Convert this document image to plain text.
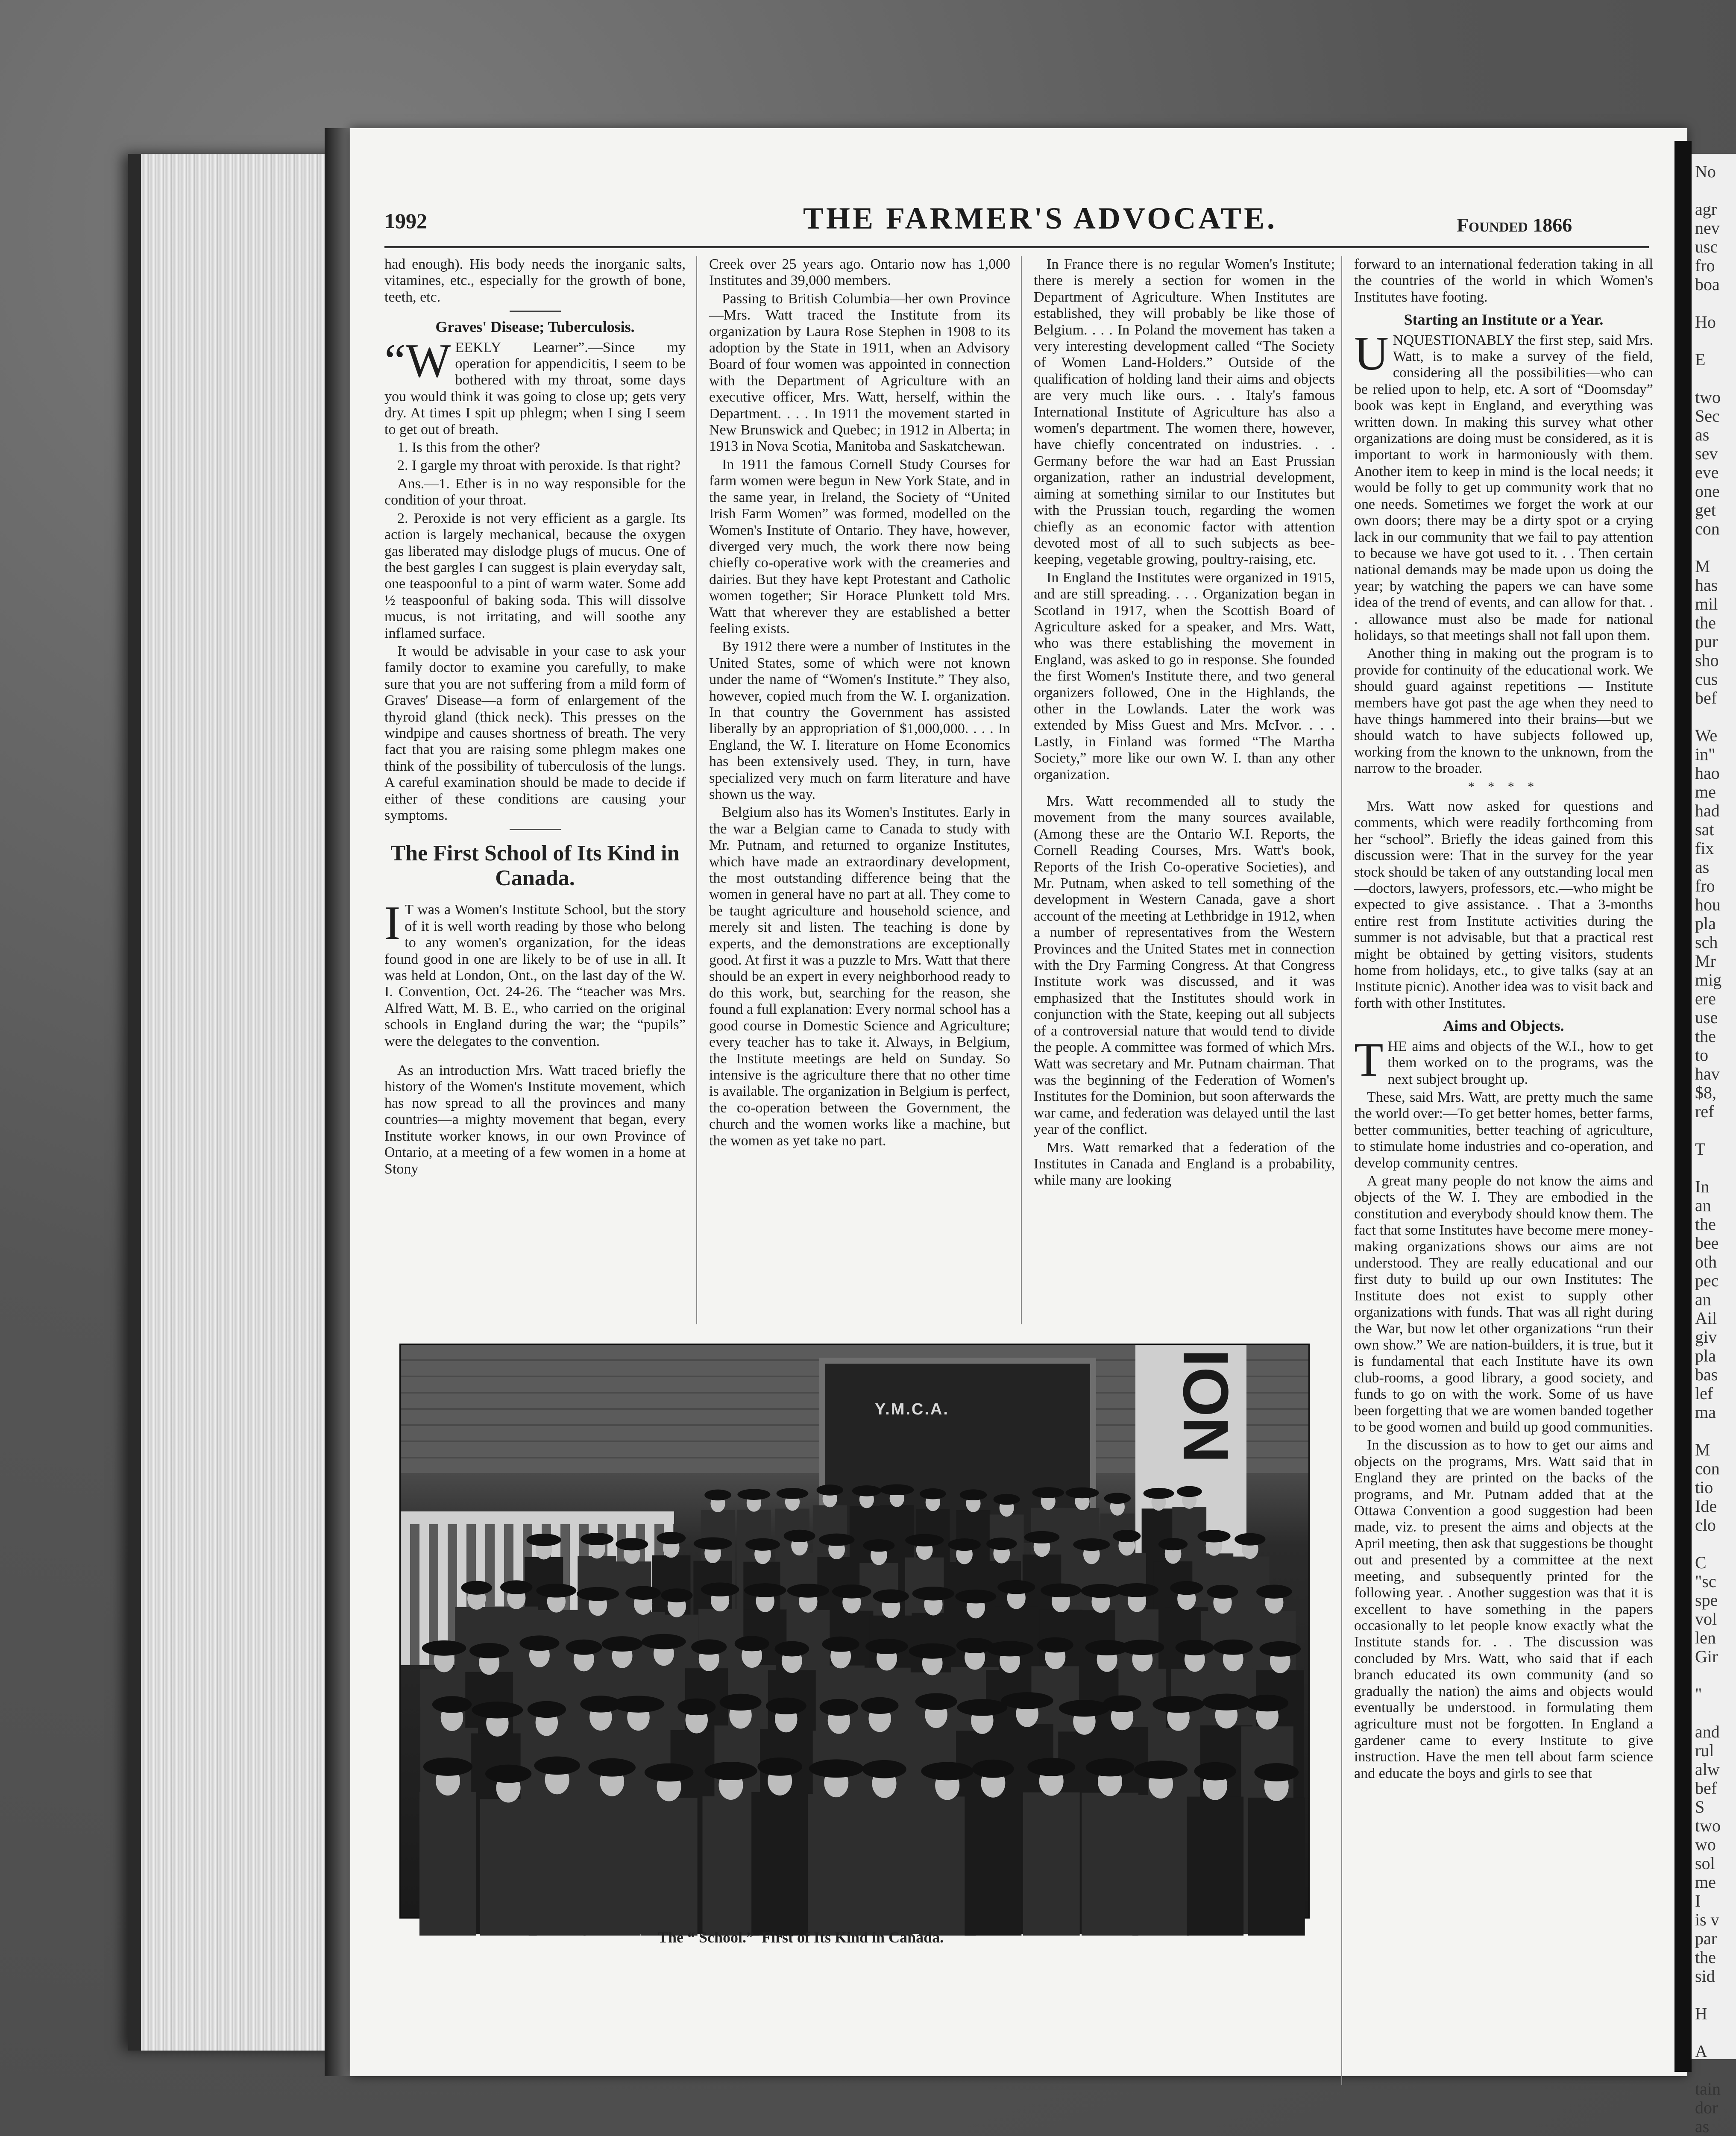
1992	THE FARMER'S ADVOCATE.	Founded 1866

had enough). His body needs the inorganic salts, vitamines, etc., especially for the growth of bone, teeth, etc.

Graves' Disease; Tuberculosis.

“WEEKLY Learner”.—Since my operation for appendicitis, I seem to be bothered with my throat, some days you would think it was going to close up; gets very dry. At times I spit up phlegm; when I sing I seem to get out of breath.

1. Is this from the other?

2. I gargle my throat with peroxide. Is that right?

Ans.—1. Ether is in no way responsible for the condition of your throat.

2. Peroxide is not very efficient as a gargle. Its action is largely mechanical, because the oxygen gas liberated may dislodge plugs of mucus. One of the best gargles I can suggest is plain everyday salt, one teaspoonful to a pint of warm water. Some add ½ teaspoonful of baking soda. This will dissolve mucus, is not irritating, and will soothe any inflamed surface.

It would be advisable in your case to ask your family doctor to examine you carefully, to make sure that you are not suffering from a mild form of Graves' Disease—a form of enlargement of the thyroid gland (thick neck). This presses on the windpipe and causes shortness of breath. The very fact that you are raising some phlegm makes one think of the possibility of tuberculosis of the lungs. A careful examination should be made to decide if either of these conditions are causing your symptoms.

The First School of Its Kind in Canada.

I T was a Women's Institute School, but the story of it is well worth reading by those who belong to any women's organization, for the ideas found good in one are likely to be of use in all. It was held at London, Ont., on the last day of the W. I. Convention, Oct. 24-26. The “teacher was Mrs. Alfred Watt, M. B. E., who carried on the original schools in England during the war; the “pupils” were the delegates to the convention.

As an introduction Mrs. Watt traced briefly the history of the Women's Institute movement, which has now spread to all the provinces and many countries—a mighty movement that began, every Institute worker knows, in our own Province of Ontario, at a meeting of a few women in a home at Stony

Creek over 25 years ago. Ontario now has 1,000 Institutes and 39,000 members.

Passing to British Columbia—her own Province—Mrs. Watt traced the Institute from its organization by Laura Rose Stephen in 1908 to its adoption by the State in 1911, when an Advisory Board of four women was appointed in connection with the Department of Agriculture with an executive officer, Mrs. Watt, herself, within the Department. . . . In 1911 the movement started in New Brunswick and Quebec; in 1912 in Alberta; in 1913 in Nova Scotia, Manitoba and Saskatchewan.

In 1911 the famous Cornell Study Courses for farm women were begun in New York State, and in the same year, in Ireland, the Society of “United Irish Farm Women” was formed, modelled on the Women's Institute of Ontario. They have, however, diverged very much, the work there now being chiefly co-operative work with the creameries and dairies. But they have kept Protestant and Catholic women together; Sir Horace Plunkett told Mrs. Watt that wherever they are established a better feeling exists.

By 1912 there were a number of Institutes in the United States, some of which were not known under the name of “Women's Institute.” They also, however, copied much from the W. I. organization. In that country the Government has assisted liberally by an appropriation of $1,000,000. . . . In England, the W. I. literature on Home Economics has been extensively used. They, in turn, have specialized very much on farm literature and have shown us the way.

Belgium also has its Women's Institutes. Early in the war a Belgian came to Canada to study with Mr. Putnam, and returned to organize Institutes, which have made an extraordinary development, the most outstanding difference being that the women in general have no part at all. They come to be taught agriculture and household science, and merely sit and listen. The teaching is done by experts, and the demonstrations are exceptionally good. At first it was a puzzle to Mrs. Watt that there should be an expert in every neighborhood ready to do this work, but, searching for the reason, she found a full explanation: Every normal school has a good course in Domestic Science and Agriculture; every teacher has to take it. Always, in Belgium, the Institute meetings are held on Sunday. So intensive is the agriculture there that no other time is available. The organization in Belgium is perfect, the co-operation between the Government, the church and the women works like a machine, but the women as yet take no part.

In France there is no regular Women's Institute; there is merely a section for women in the Department of Agriculture. When Institutes are established, they will probably be like those of Belgium. . . . In Poland the movement has taken a very interesting development called “The Society of Women Land-Holders.” Outside of the qualification of holding land their aims and objects are very much like ours. . . Italy's famous International Institute of Agriculture has also a women's department. The women there, however, have chiefly concentrated on industries. . . Germany before the war had an East Prussian organization, rather an industrial development, aiming at something similar to our Institutes but with the Prussian touch, regarding the women chiefly as an economic factor with attention devoted most of all to such subjects as bee-keeping, vegetable growing, poultry-raising, etc.

In England the Institutes were organized in 1915, and are still spreading. . . . Organization began in Scotland in 1917, when the Scottish Board of Agriculture asked for a speaker, and Mrs. Watt, who was there establishing the movement in England, was asked to go in response. She founded the first Women's Institute there, and two general organizers followed, One in the Highlands, the other in the Lowlands. Later the work was extended by Miss Guest and Mrs. McIvor. . . . Lastly, in Finland was formed “The Martha Society,” more like our own W. I. than any other organization.

Mrs. Watt recommended all to study the movement from the many sources available, (Among these are the Ontario W.I. Reports, the Cornell Reading Courses, Mrs. Watt's book, Reports of the Irish Co-operative Societies), and Mr. Putnam, when asked to tell something of the development in Western Canada, gave a short account of the meeting at Lethbridge in 1912, when a number of representatives from the Western Provinces and the United States met in connection with the Dry Farming Congress. At that Congress Institute work was discussed, and it was emphasized that the Institutes should work in conjunction with the State, keeping out all subjects of a controversial nature that would tend to divide the people. A committee was formed of which Mrs. Watt was secretary and Mr. Putnam chairman. That was the beginning of the Federation of Women's Institutes for the Dominion, but soon afterwards the war came, and federation was delayed until the last year of the conflict.

Mrs. Watt remarked that a federation of the Institutes in Canada and England is a probability, while many are looking

forward to an international federation taking in all the countries of the world in which Women's Institutes have footing.

Starting an Institute or a Year.

UNQUESTIONABLY the first step, said Mrs. Watt, is to make a survey of the field, considering all the possibilities—who can be relied upon to help, etc. A sort of “Doomsday” book was kept in England, and everything was written down. In making this survey what other organizations are doing must be considered, as it is important to work in harmoniously with them. Another item to keep in mind is the local needs; it would be folly to get up community work that no one needs. Sometimes we forget the work at our own doors; there may be a dirty spot or a crying lack in our community that we fail to pay attention to because we have got used to it. . . Then certain national demands may be made upon us doing the year; by watching the papers we can have some idea of the trend of events, and can allow for that. . . allowance must also be made for national holidays, so that meetings shall not fall upon them.

Another thing in making out the program is to provide for continuity of the educational work. We should guard against repetitions — Institute members have got past the age when they need to have things hammered into their brains—but we should watch to have subjects followed up, working from the known to the unknown, from the narrow to the broader.

* * * *

Mrs. Watt now asked for questions and comments, which were readily forthcoming from her “school”. Briefly the ideas gained from this discussion were: That in the survey for the year stock should be taken of any outstanding local men—doctors, lawyers, professors, etc.—who might be expected to give assistance. . That a 3-months entire rest from Institute activities during the summer is not advisable, but that a practical rest might be obtained by getting visitors, students home from holidays, etc., to give talks (say at an Institute picnic). Another idea was to visit back and forth with other Institutes.

Aims and Objects.

THE aims and objects of the W.I., how to get them worked on to the programs, was the next subject brought up.

These, said Mrs. Watt, are pretty much the same the world over:—To get better homes, better farms, better communities, better teaching of agriculture, to stimulate home industries and co-operation, and develop community centres.

A great many people do not know the aims and objects of the W. I. They are embodied in the constitution and everybody should know them. The fact that some Institutes have become mere money-making organizations shows our aims are not understood. They are really educational and our first duty to build up our own Institutes: The Institute does not exist to supply other organizations with funds. That was all right during the War, but now let other organizations “run their own show.” We are nation-builders, it is true, but it is fundamental that each Institute have its own club-rooms, a good library, a good society, and funds to go on with the work. Some of us have been forgetting that we are women banded together to be good women and build up good communities.

In the discussion as to how to get our aims and objects on the programs, Mrs. Watt said that in England they are printed on the backs of the programs, and Mr. Putnam added that at the Ottawa Convention a good suggestion had been made, viz. to present the aims and objects at the April meeting, then ask that suggestions be thought out and presented by a committee at the next meeting, and subsequently printed for the following year. . Another suggestion was that it is excellent to have something in the papers occasionally to let people know exactly what the Institute stands for. . . The discussion was concluded by Mrs. Watt, who said that if each branch educated its own community (and so gradually the nation) the aims and objects would eventually be understood. in formulating them agriculture must not be forgotten. In England a gardener came to every Institute to give instruction. Have the men tell about farm science and educate the boys and girls to see that

Y.M.C.A.	ION
The “ School.”  First of Its Kind in Canada.
No
agr
nev
usc
fro
boa
Ho
E
two
Sec
as
sev
eve
one
get
con
M
has
mil
the
pur
sho
cus
bef
We
in"
hao
me
had
sat
fix
as
fro
hou
pla
sch
Mr
mig
ere
use
the
to
hav
$8,
ref
T
In
an
the
bee
oth
pec
an
Ail
giv
pla
bas
lef
ma
M
con
tio
Ide
clo
C
"sc
spe
vol
len
Gir
"
and
rul
alw
bef
S
two
wo
sol
me
I
is v
par
the
sid
H
A
tain
dor
as
